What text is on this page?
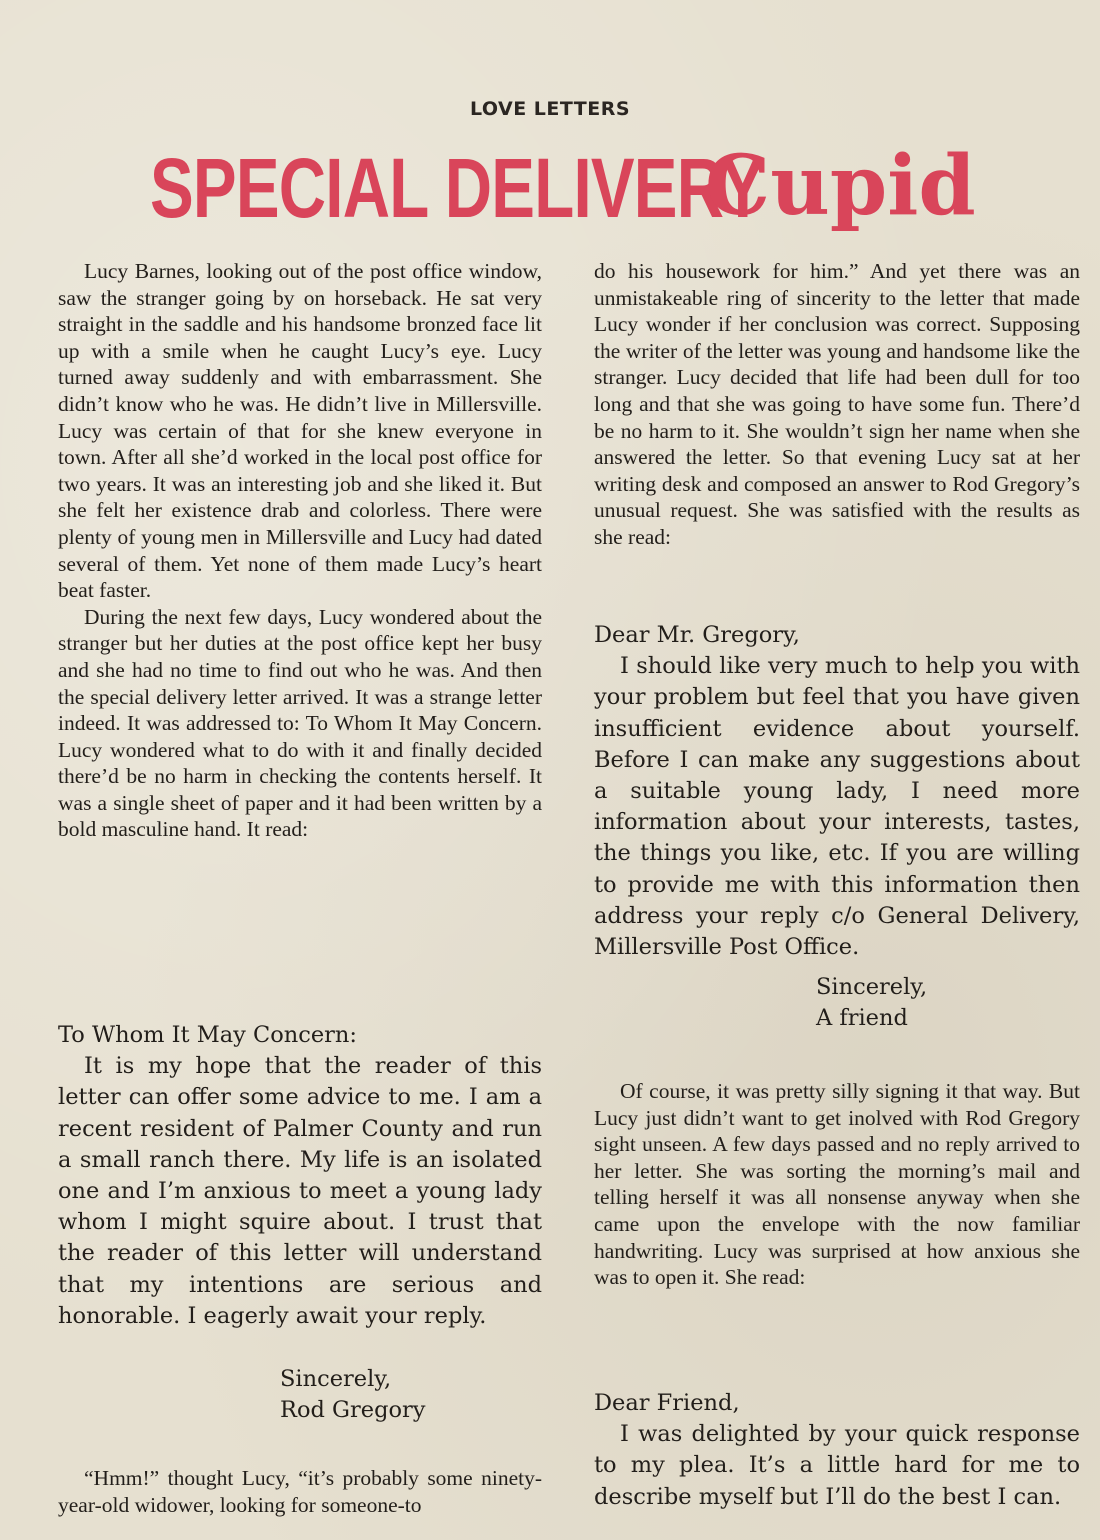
LOVE LETTERS
SPECIAL DELIVERY
Cupid

Lucy Barnes, looking out of the post office window, saw the stranger going by on horseback. He sat very straight in the saddle and his handsome bronzed face lit up with a smile when he caught Lucy’s eye. Lucy turned away suddenly and with embarrassment. She didn’t know who he was. He didn’t live in Millersville. Lucy was certain of that for she knew everyone in town. After all she’d worked in the local post office for two years. It was an interesting job and she liked it. But she felt her existence drab and colorless. There were plenty of young men in Millersville and Lucy had dated several of them. Yet none of them made Lucy’s heart beat faster.

During the next few days, Lucy wondered about the stranger but her duties at the post office kept her busy and she had no time to find out who he was. And then the special delivery letter arrived. It was a strange letter indeed. It was addressed to: To Whom It May Concern. Lucy wondered what to do with it and finally decided there’d be no harm in checking the contents herself. It was a single sheet of paper and it had been written by a bold masculine hand. It read:

To Whom It May Concern:

It is my hope that the reader of this letter can offer some advice to me. I am a recent resident of Palmer County and run a small ranch there. My life is an isolated one and I’m anxious to meet a young lady whom I might squire about. I trust that the reader of this letter will understand that my intentions are serious and honorable. I eagerly await your reply.

Sincerely,
Rod Gregory

“Hmm!” thought Lucy, “it’s probably some ninety-year-old widower, looking for someone-to

do his housework for him.” And yet there was an unmistakeable ring of sincerity to the letter that made Lucy wonder if her conclusion was correct. Supposing the writer of the letter was young and handsome like the stranger. Lucy decided that life had been dull for too long and that she was going to have some fun. There’d be no harm to it. She wouldn’t sign her name when she answered the letter. So that evening Lucy sat at her writing desk and composed an answer to Rod Gregory’s unusual request. She was satisfied with the results as she read:

Dear Mr. Gregory,

I should like very much to help you with your problem but feel that you have given insufficient evidence about yourself. Before I can make any suggestions about a suitable young lady, I need more information about your interests, tastes, the things you like, etc. If you are willing to provide me with this information then address your reply c/o General Delivery, Millersville Post Office.

Sincerely,
A friend

Of course, it was pretty silly signing it that way. But Lucy just didn’t want to get inolved with Rod Gregory sight unseen. A few days passed and no reply arrived to her letter. She was sorting the morning’s mail and telling herself it was all nonsense anyway when she came upon the envelope with the now familiar handwriting. Lucy was surprised at how anxious she was to open it. She read:

Dear Friend,

I was delighted by your quick response to my plea. It’s a little hard for me to describe myself but I’ll do the best I can.
